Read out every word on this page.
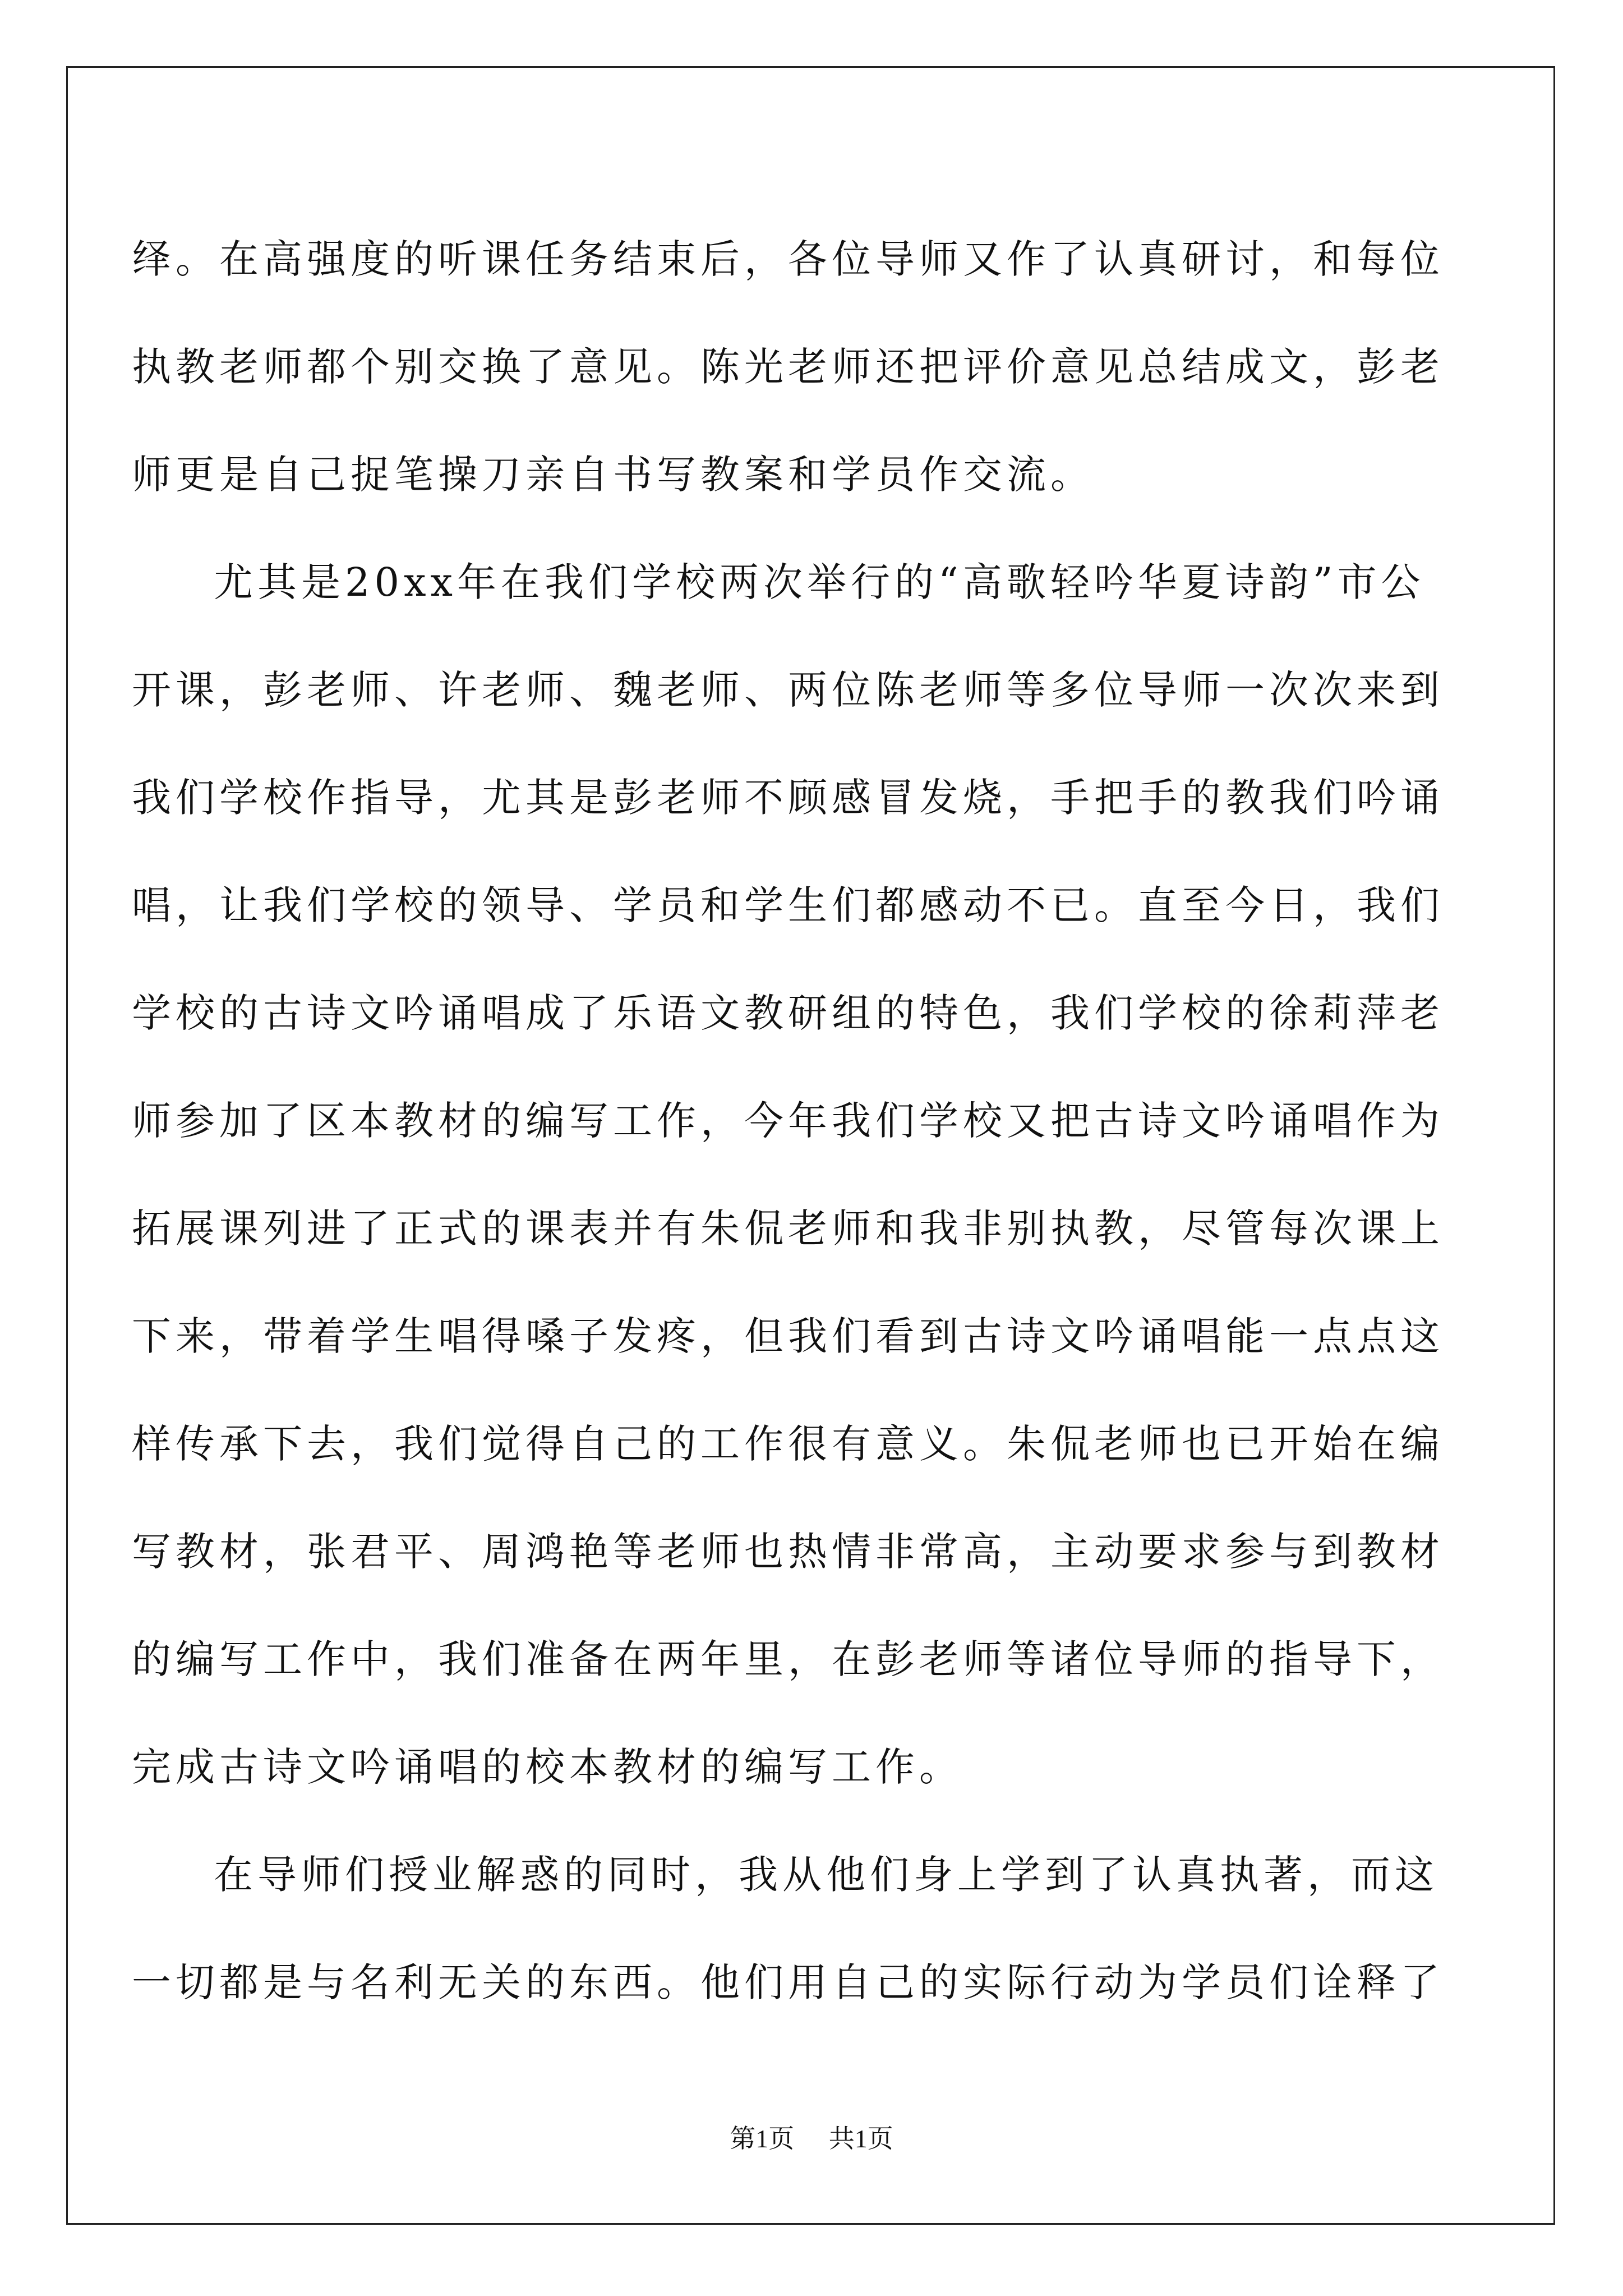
绎。在高强度的听课任务结束后，各位导师又作了认真研讨，和每位
执教老师都个别交换了意见。陈光老师还把评价意见总结成文，彭老
师更是自己捉笔操刀亲自书写教案和学员作交流。
尤其是20xx年在我们学校两次举行的“高歌轻吟华夏诗韵”市公
开课，彭老师、许老师、魏老师、两位陈老师等多位导师一次次来到
我们学校作指导，尤其是彭老师不顾感冒发烧，手把手的教我们吟诵
唱，让我们学校的领导、学员和学生们都感动不已。直至今日，我们
学校的古诗文吟诵唱成了乐语文教研组的特色，我们学校的徐莉萍老
师参加了区本教材的编写工作，今年我们学校又把古诗文吟诵唱作为
拓展课列进了正式的课表并有朱侃老师和我非别执教，尽管每次课上
下来，带着学生唱得嗓子发疼，但我们看到古诗文吟诵唱能一点点这
样传承下去，我们觉得自己的工作很有意义。朱侃老师也已开始在编
写教材，张君平、周鸿艳等老师也热情非常高，主动要求参与到教材
的编写工作中，我们准备在两年里，在彭老师等诸位导师的指导下，
完成古诗文吟诵唱的校本教材的编写工作。
在导师们授业解惑的同时，我从他们身上学到了认真执著，而这
一切都是与名利无关的东西。他们用自己的实际行动为学员们诠释了
第1页 共1页
